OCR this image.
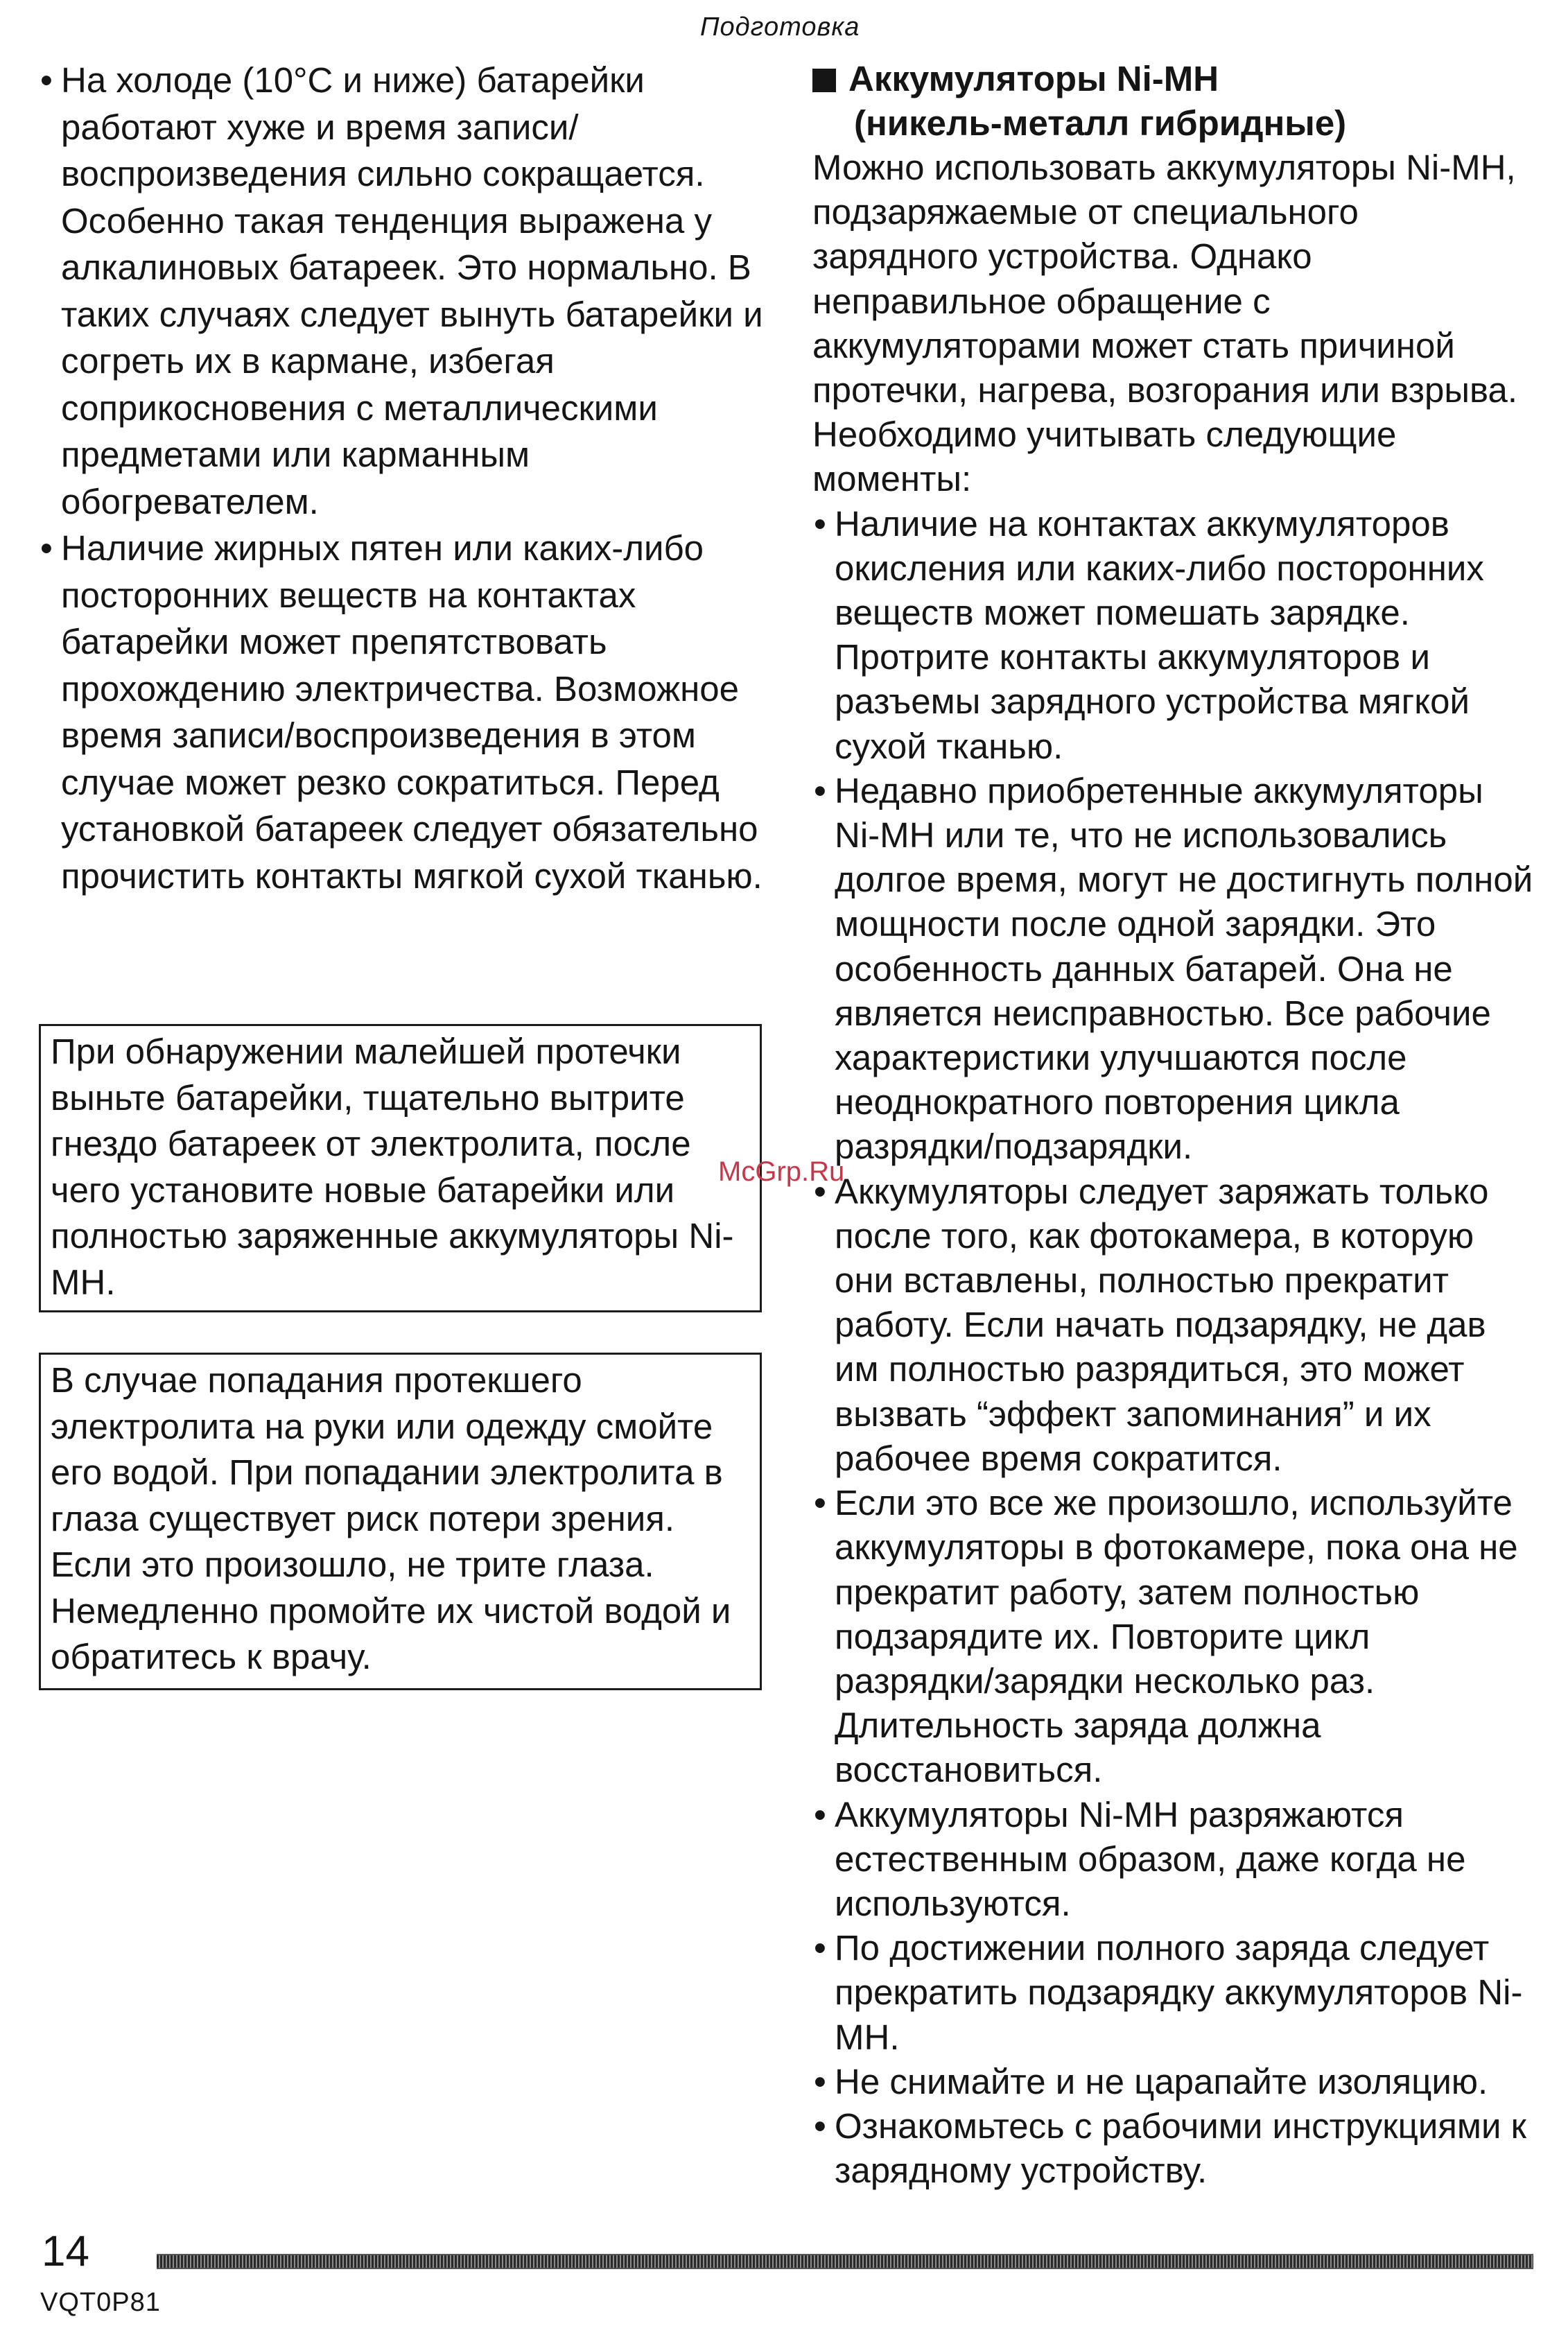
Подготовка
• На холоде (10°С и ниже) батарейки работают хуже и время записи/воспроизведения сильно сокращается. Особенно такая тенденция выражена у алкалиновых батареек. Это нормально. В таких случаях следует вынуть батарейки и согреть их в кармане, избегая соприкосновения с металлическими предметами или карманным обогревателем.
• Наличие жирных пятен или каких-либо посторонних веществ на контактах батарейки может препятствовать прохождению электричества. Возможное время записи/воспроизведения в этом случае может резко сократиться. Перед установкой батареек следует обязательно прочистить контакты мягкой сухой тканью.
При обнаружении малейшей протечки выньте батарейки, тщательно вытрите гнездо батареек от электролита, после чего установите новые батарейки или полностью заряженные аккумуляторы Ni-MH.
В случае попадания протекшего электролита на руки или одежду смойте его водой. При попадании электролита в глаза существует риск потери зрения. Если это произошло, не трите глаза. Немедленно промойте их чистой водой и обратитесь к врачу.
Аккумуляторы Ni-MH
(никель-металл гибридные)
Можно использовать аккумуляторы Ni-MH, подзаряжаемые от специального зарядного устройства. Однако неправильное обращение с аккумуляторами может стать причиной протечки, нагрева, возгорания или взрыва. Необходимо учитывать следующие моменты:
• Наличие на контактах аккумуляторов окисления или каких-либо посторонних веществ может помешать зарядке. Протрите контакты аккумуляторов и разъемы зарядного устройства мягкой сухой тканью.
• Недавно приобретенные аккумуляторы Ni-MH или те, что не использовались долгое время, могут не достигнуть полной мощности после одной зарядки. Это особенность данных батарей. Она не является неисправностью. Все рабочие характеристики улучшаются после неоднократного повторения цикла разрядки/подзарядки.
• Аккумуляторы следует заряжать только после того, как фотокамера, в которую они вставлены, полностью прекратит работу. Если начать подзарядку, не дав им полностью разрядиться, это может вызвать “эффект запоминания” и их рабочее время сократится.
• Если это все же произошло, используйте аккумуляторы в фотокамере, пока она не прекратит работу, затем полностью подзарядите их. Повторите цикл разрядки/зарядки несколько раз. Длительность заряда должна восстановиться.
• Аккумуляторы Ni-MH разряжаются естественным образом, даже когда не используются.
• По достижении полного заряда следует прекратить подзарядку аккумуляторов Ni-MH.
• Не снимайте и не царапайте изоляцию.
• Ознакомьтесь с рабочими инструкциями к зарядному устройству.
McGrp.Ru
14
VQT0P81
